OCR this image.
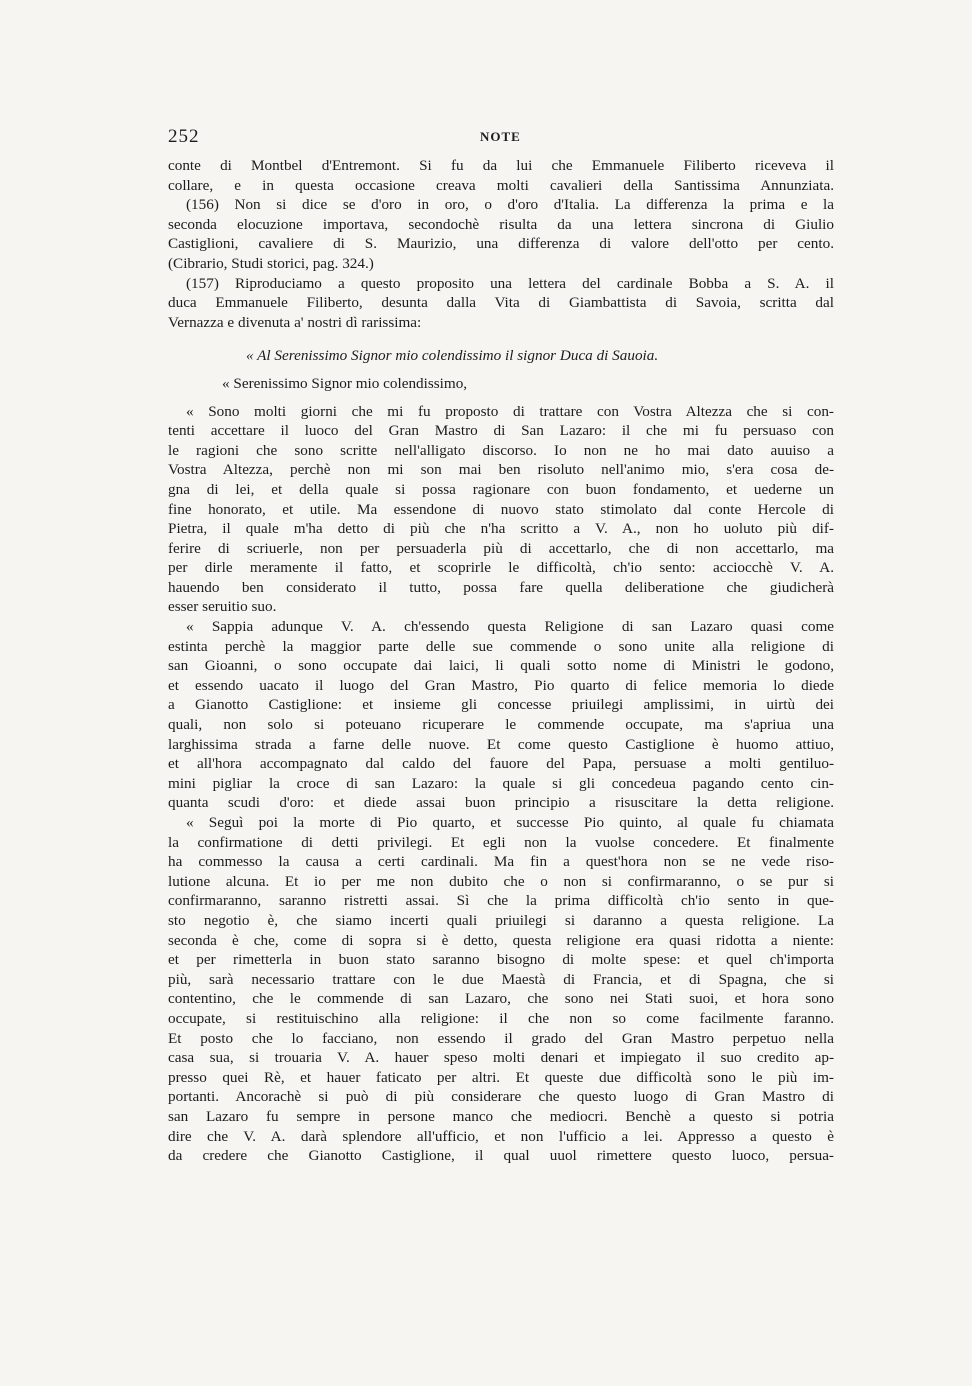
252	NOTE
conte di Montbel d'Entremont. Si fu da lui che Emmanuele Filiberto riceveva il
collare, e in questa occasione creava molti cavalieri della Santissima Annunziata.
(156) Non si dice se d'oro in oro, o d'oro d'Italia. La differenza la prima e la
seconda elocuzione importava, secondochè risulta da una lettera sincrona di Giulio
Castiglioni, cavaliere di S. Maurizio, una differenza di valore dell'otto per cento.
(Cibrario, Studi storici, pag. 324.)
(157) Riproduciamo a questo proposito una lettera del cardinale Bobba a S. A. il
duca Emmanuele Filiberto, desunta dalla Vita di Giambattista di Savoia, scritta dal
Vernazza e divenuta a' nostri dì rarissima:
« Al Serenissimo Signor mio colendissimo il signor Duca di Sauoia.
« Serenissimo Signor mio colendissimo,
« Sono molti giorni che mi fu proposto di trattare con Vostra Altezza che si con-
tenti accettare il luoco del Gran Mastro di San Lazaro: il che mi fu persuaso con
le ragioni che sono scritte nell'alligato discorso. Io non ne ho mai dato auuiso a
Vostra Altezza, perchè non mi son mai ben risoluto nell'animo mio, s'era cosa de-
gna di lei, et della quale si possa ragionare con buon fondamento, et uederne un
fine honorato, et utile. Ma essendone di nuovo stato stimolato dal conte Hercole di
Pietra, il quale m'ha detto di più che n'ha scritto a V. A., non ho uoluto più dif-
ferire di scriuerle, non per persuaderla più di accettarlo, che di non accettarlo, ma
per dirle meramente il fatto, et scoprirle le difficoltà, ch'io sento: acciocchè V. A.
hauendo ben considerato il tutto, possa fare quella deliberatione che giudicherà
esser seruitio suo.
« Sappia adunque V. A. ch'essendo questa Religione di san Lazaro quasi come
estinta perchè la maggior parte delle sue commende o sono unite alla religione di
san Gioanni, o sono occupate dai laici, li quali sotto nome di Ministri le godono,
et essendo uacato il luogo del Gran Mastro, Pio quarto di felice memoria lo diede
a Gianotto Castiglione: et insieme gli concesse priuilegi amplissimi, in uirtù dei
quali, non solo si poteuano ricuperare le commende occupate, ma s'apriua una
larghissima strada a farne delle nuove. Et come questo Castiglione è huomo attiuo,
et all'hora accompagnato dal caldo del fauore del Papa, persuase a molti gentiluo-
mini pigliar la croce di san Lazaro: la quale si gli concedeua pagando cento cin-
quanta scudi d'oro: et diede assai buon principio a risuscitare la detta religione.
« Seguì poi la morte di Pio quarto, et successe Pio quinto, al quale fu chiamata
la confirmatione di detti privilegi. Et egli non la vuolse concedere. Et finalmente
ha commesso la causa a certi cardinali. Ma fin a quest'hora non se ne vede riso-
lutione alcuna. Et io per me non dubito che o non si confirmaranno, o se pur si
confirmaranno, saranno ristretti assai. Sì che la prima difficoltà ch'io sento in que-
sto negotio è, che siamo incerti quali priuilegi si daranno a questa religione. La
seconda è che, come di sopra si è detto, questa religione era quasi ridotta a niente:
et per rimetterla in buon stato saranno bisogno di molte spese: et quel ch'importa
più, sarà necessario trattare con le due Maestà di Francia, et di Spagna, che si
contentino, che le commende di san Lazaro, che sono nei Stati suoi, et hora sono
occupate, si restituischino alla religione: il che non so come facilmente faranno.
Et posto che lo facciano, non essendo il grado del Gran Mastro perpetuo nella
casa sua, si trouaria V. A. hauer speso molti denari et impiegato il suo credito ap-
presso quei Rè, et hauer faticato per altri. Et queste due difficoltà sono le più im-
portanti. Ancorachè si può di più considerare che questo luogo di Gran Mastro di
san Lazaro fu sempre in persone manco che mediocri. Benchè a questo si potria
dire che V. A. darà splendore all'ufficio, et non l'ufficio a lei. Appresso a questo è
da credere che Gianotto Castiglione, il qual uuol rimettere questo luoco, persua-
